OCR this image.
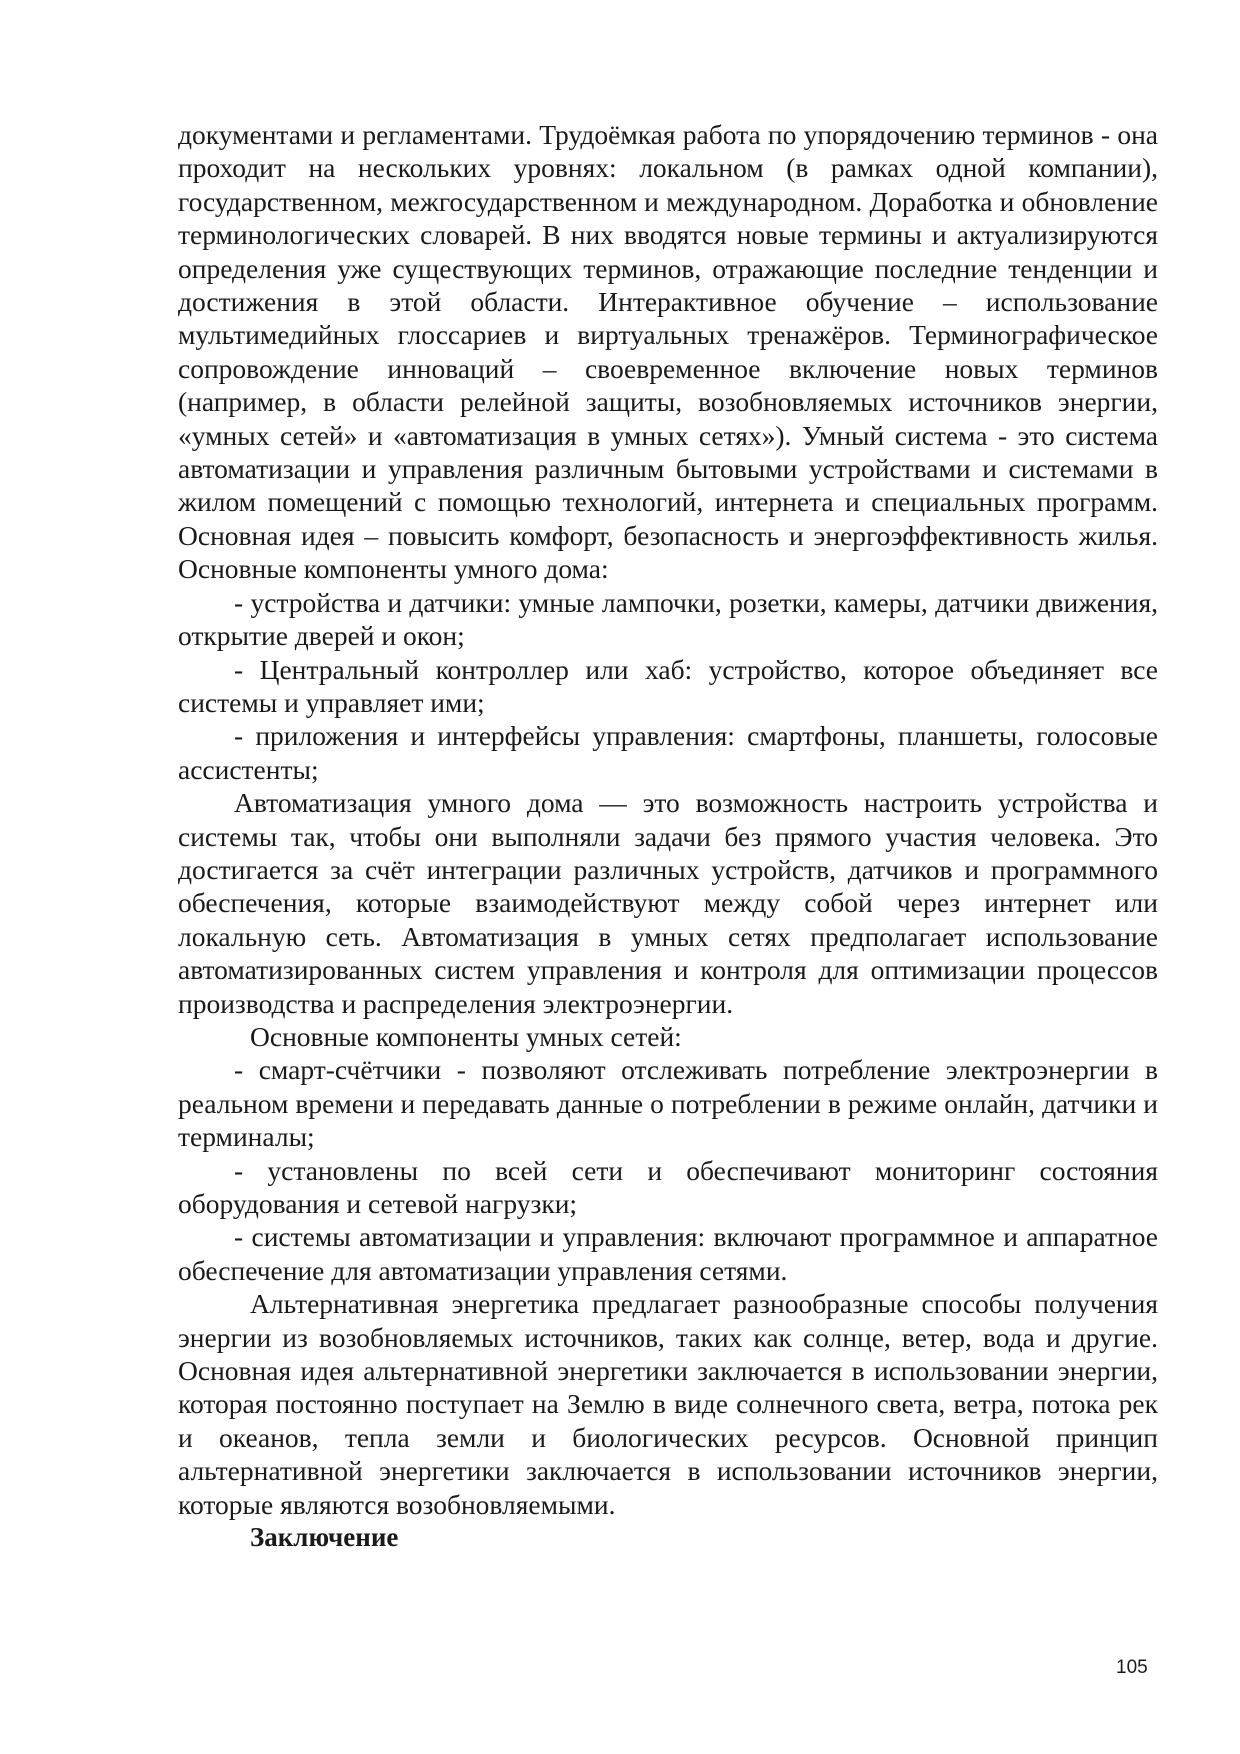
документами и регламентами. Трудоёмкая работа по упорядочению терминов - она проходит на нескольких уровнях: локальном (в рамках одной компании), государственном, межгосударственном и международном. Доработка и обновление терминологических словарей. В них вводятся новые термины и актуализируются определения уже существующих терминов, отражающие последние тенденции и достижения в этой области. Интерактивное обучение – использование мультимедийных глоссариев и виртуальных тренажёров. Терминографическое сопровождение инноваций – своевременное включение новых терминов (например, в области релейной защиты, возобновляемых источников энергии, «умных сетей» и «автоматизация в умных сетях»). Умный система - это система автоматизации и управления различным бытовыми устройствами и системами в жилом помещений с помощью технологий, интернета и специальных программ. Основная идея – повысить комфорт, безопасность и энергоэффективность жилья. Основные компоненты умного дома:

- устройства и датчики: умные лампочки, розетки, камеры, датчики движения, открытие дверей и окон;

- Центральный контроллер или хаб: устройство, которое объединяет все системы и управляет ими;

- приложения и интерфейсы управления: смартфоны, планшеты, голосовые ассистенты;

Автоматизация умного дома — это возможность настроить устройства и системы так, чтобы они выполняли задачи без прямого участия человека. Это достигается за счёт интеграции различных устройств, датчиков и программного обеспечения, которые взаимодействуют между собой через интернет или локальную сеть. Автоматизация в умных сетях предполагает использование автоматизированных систем управления и контроля для оптимизации процессов производства и распределения электроэнергии.

Основные компоненты умных сетей:

- смарт-счётчики - позволяют отслеживать потребление электроэнергии в реальном времени и передавать данные о потреблении в режиме онлайн, датчики и терминалы;

- установлены по всей сети и обеспечивают мониторинг состояния оборудования и сетевой нагрузки;

- системы автоматизации и управления: включают программное и аппаратное обеспечение для автоматизации управления сетями.

Альтернативная энергетика предлагает разнообразные способы получения энергии из возобновляемых источников, таких как солнце, ветер, вода и другие. Основная идея альтернативной энергетики заключается в использовании энергии, которая постоянно поступает на Землю в виде солнечного света, ветра, потока рек и океанов, тепла земли и биологических ресурсов. Основной принцип альтернативной энергетики заключается в использовании источников энергии, которые являются возобновляемыми.

Заключение

105
